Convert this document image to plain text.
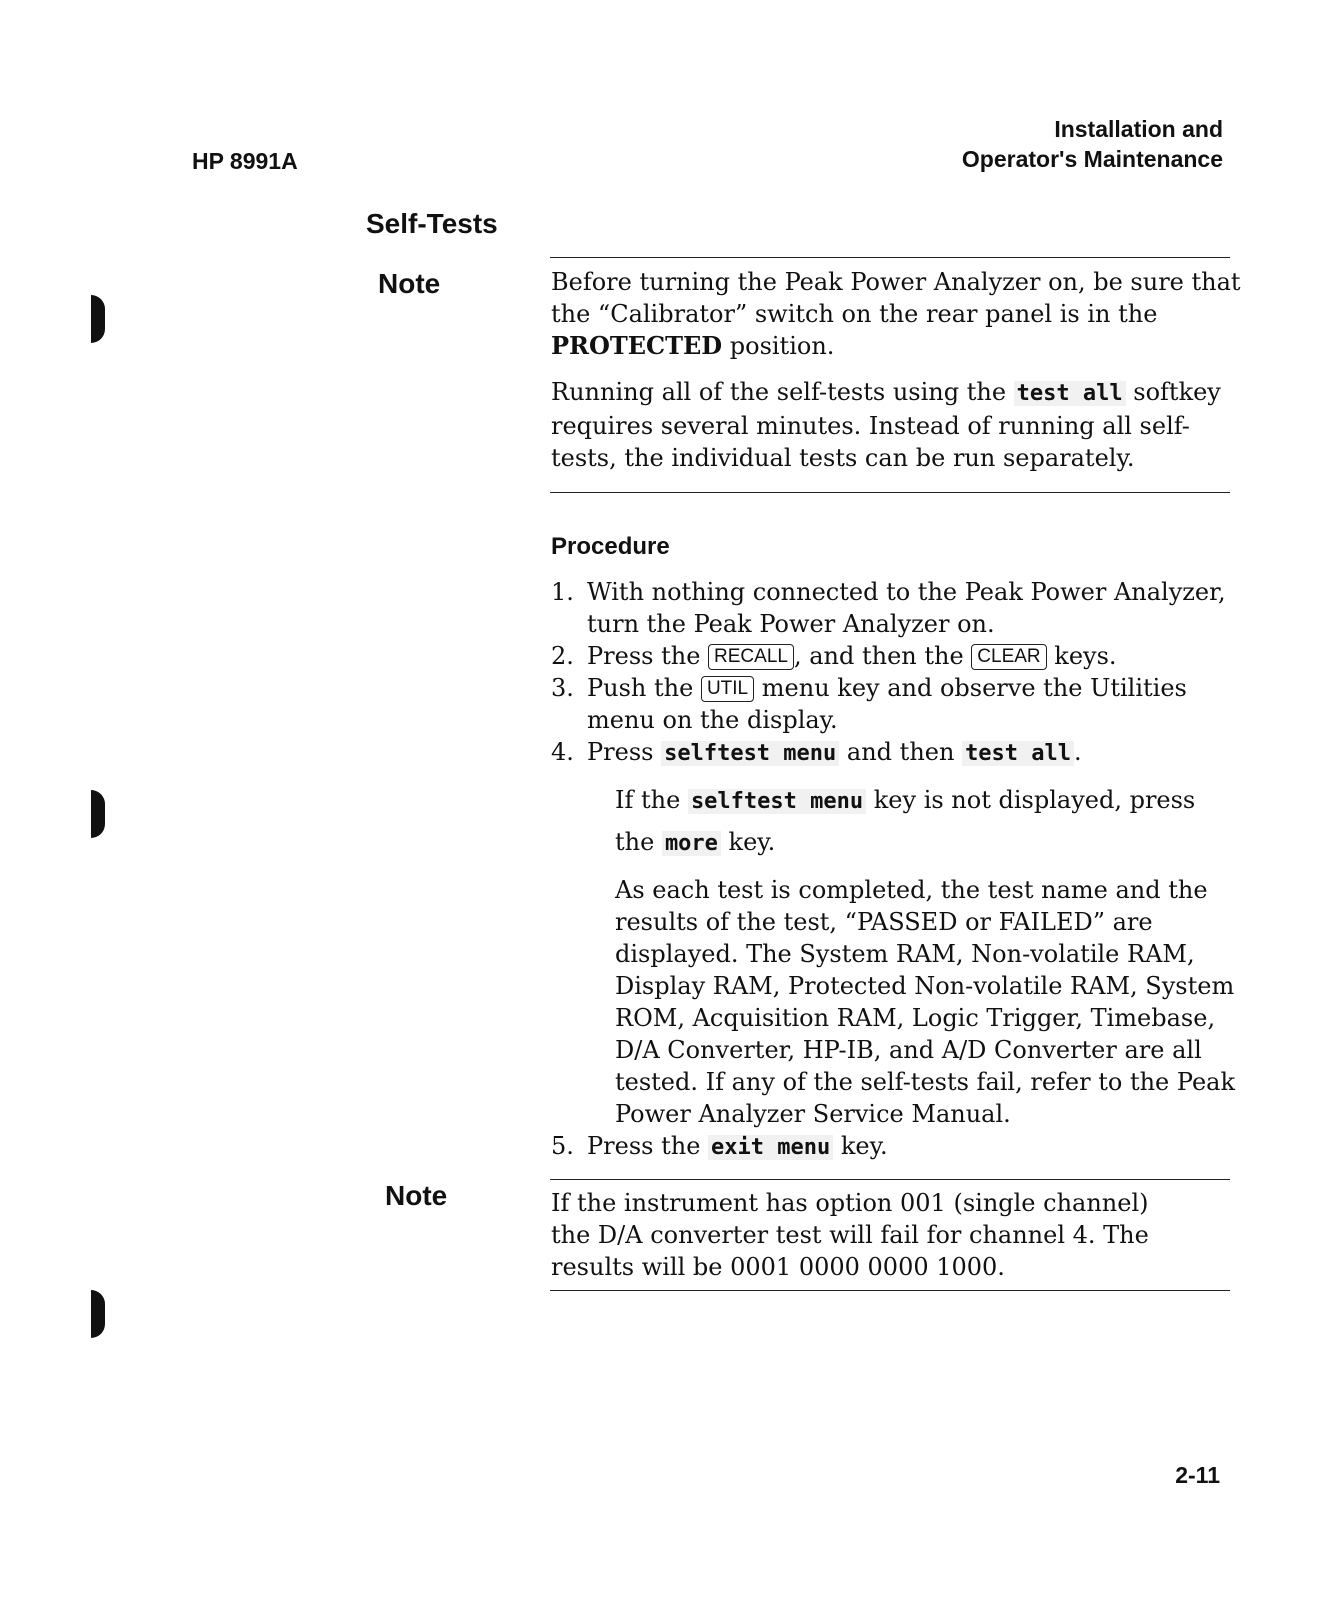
HP 8991A
Installation and
Operator's Maintenance
Self-Tests
Note	Before turning the Peak Power Analyzer on, be sure that the “Calibrator” switch on the rear panel is in the PROTECTED position.

Running all of the self-tests using the test all softkey requires several minutes. Instead of running all self-tests, the individual tests can be run separately.

Procedure
1. With nothing connected to the Peak Power Analyzer, turn the Peak Power Analyzer on.
2. Press the RECALL , and then the CLEAR keys.
3. Push the UTIL menu key and observe the Utilities menu on the display.
4. Press selftest menu and then test all .

If the selftest menu key is not displayed, press the more key.

As each test is completed, the test name and the results of the test, “PASSED or FAILED” are displayed. The System RAM, Non-volatile RAM, Display RAM, Protected Non-volatile RAM, System ROM, Acquisition RAM, Logic Trigger, Timebase, D/A Converter, HP-IB, and A/D Converter are all tested. If any of the self-tests fail, refer to the Peak Power Analyzer Service Manual.

5. Press the exit menu key.
Note	If the instrument has option 001 (single channel) the D/A converter test will fail for channel 4. The results will be 0001 0000 0000 1000.
2-11
